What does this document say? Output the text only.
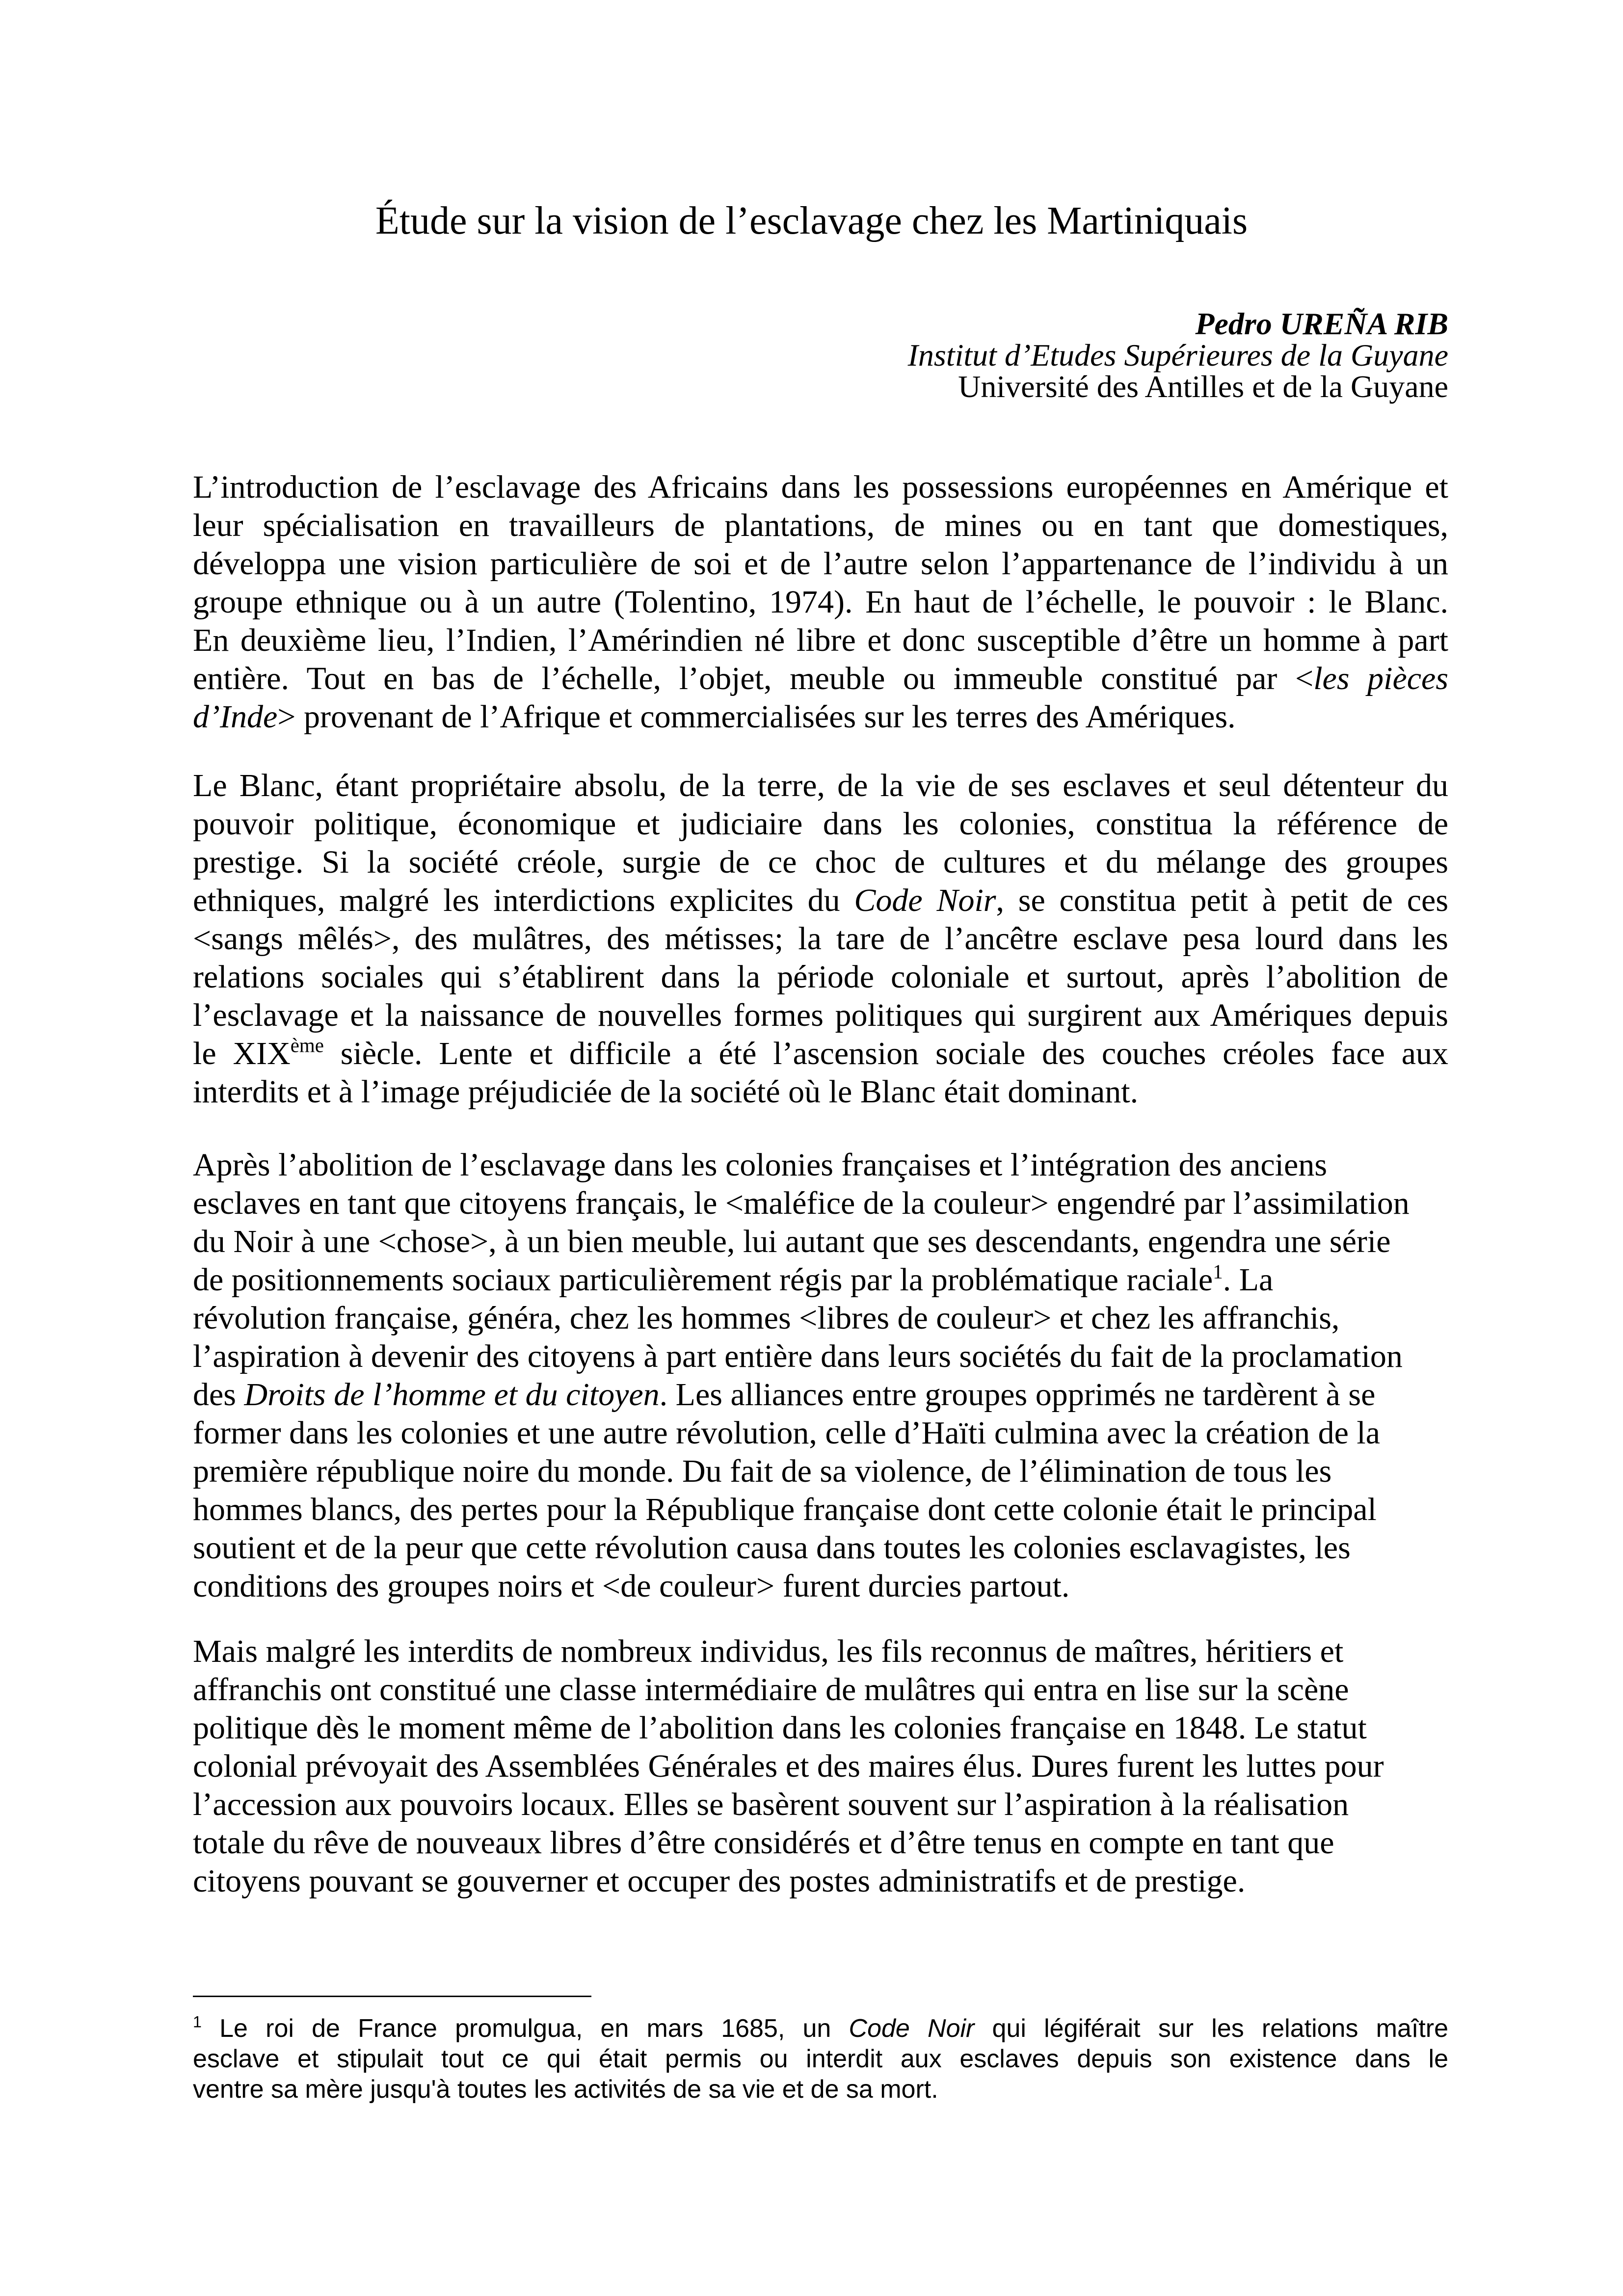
Étude sur la vision de l’esclavage chez les Martiniquais
Pedro UREÑA RIB
Institut d’Etudes Supérieures de la Guyane
Université des Antilles et de la Guyane
L’introduction de l’esclavage des Africains dans les possessions européennes en Amérique et
leur spécialisation en travailleurs de plantations, de mines ou en tant que domestiques,
développa une vision particulière de soi et de l’autre selon l’appartenance de l’individu à un
groupe ethnique ou à un autre (Tolentino, 1974). En haut de l’échelle, le pouvoir : le Blanc.
En deuxième lieu, l’Indien, l’Amérindien né libre et donc susceptible d’être un homme à part
entière. Tout en bas de l’échelle, l’objet, meuble ou immeuble constitué par <les pièces
d’Inde> provenant de l’Afrique et commercialisées sur les terres des Amériques.
Le Blanc, étant propriétaire absolu, de la terre, de la vie de ses esclaves et seul détenteur du
pouvoir politique, économique et judiciaire dans les colonies, constitua la référence de
prestige. Si la société créole, surgie de ce choc de cultures et du mélange des groupes
ethniques, malgré les interdictions explicites du Code Noir, se constitua petit à petit de ces
<sangs mêlés>, des mulâtres, des métisses; la tare de l’ancêtre esclave pesa lourd dans les
relations sociales qui s’établirent dans la période coloniale et surtout, après l’abolition de
l’esclavage et la naissance de nouvelles formes politiques qui surgirent aux Amériques depuis
le XIXème siècle. Lente et difficile a été l’ascension sociale des couches créoles face aux
interdits et à l’image préjudiciée de la société où le Blanc était dominant.
Après l’abolition de l’esclavage dans les colonies françaises et l’intégration des anciens
esclaves en tant que citoyens français, le <maléfice de la couleur> engendré par l’assimilation
du Noir à une <chose>, à un bien meuble, lui autant que ses descendants, engendra une série
de positionnements sociaux particulièrement régis par la problématique raciale$^1$. La
révolution française, généra, chez les hommes <libres de couleur> et chez les affranchis,
l’aspiration à devenir des citoyens à part entière dans leurs sociétés du fait de la proclamation
des Droits de l’homme et du citoyen. Les alliances entre groupes opprimés ne tardèrent à se
former dans les colonies et une autre révolution, celle d’Haïti culmina avec la création de la
première république noire du monde. Du fait de sa violence, de l’élimination de tous les
hommes blancs, des pertes pour la République française dont cette colonie était le principal
soutient et de la peur que cette révolution causa dans toutes les colonies esclavagistes, les
conditions des groupes noirs et <de couleur> furent durcies partout.
Mais malgré les interdits de nombreux individus, les fils reconnus de maîtres, héritiers et
affranchis ont constitué une classe intermédiaire de mulâtres qui entra en lise sur la scène
politique dès le moment même de l’abolition dans les colonies française en 1848. Le statut
colonial prévoyait des Assemblées Générales et des maires élus. Dures furent les luttes pour
l’accession aux pouvoirs locaux. Elles se basèrent souvent sur l’aspiration à la réalisation
totale du rêve de nouveaux libres d’être considérés et d’être tenus en compte en tant que
citoyens pouvant se gouverner et occuper des postes administratifs et de prestige.
$^1$ Le roi de France promulgua, en mars 1685, un Code Noir qui légiférait sur les relations maître
esclave et stipulait tout ce qui était permis ou interdit aux esclaves depuis son existence dans le
ventre sa mère jusqu'à toutes les activités de sa vie et de sa mort.
